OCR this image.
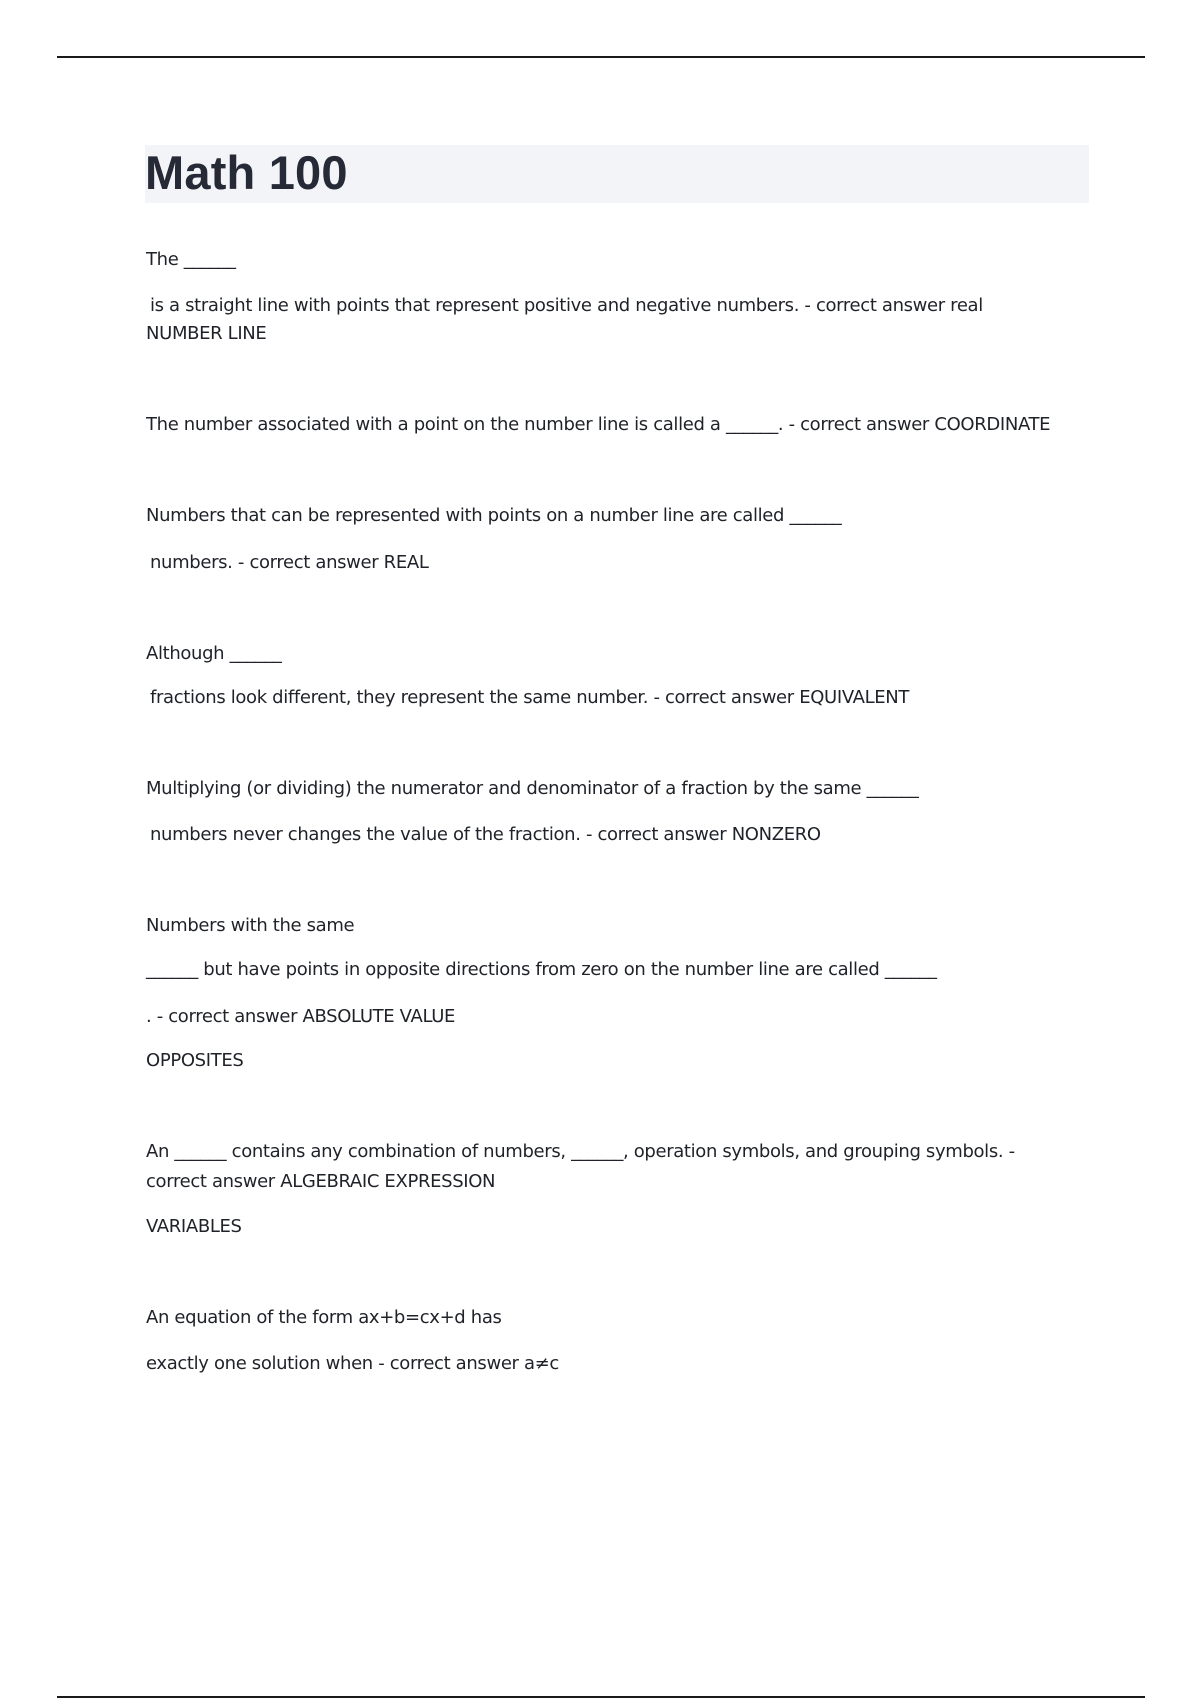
Math 100
The ______
is a straight line with points that represent positive and negative numbers. - correct answer real
NUMBER LINE
The number associated with a point on the number line is called a ______. - correct answer COORDINATE
Numbers that can be represented with points on a number line are called ______
numbers. - correct answer REAL
Although ______
fractions look different, they represent the same number. - correct answer EQUIVALENT
Multiplying (or dividing) the numerator and denominator of a fraction by the same ______
numbers never changes the value of the fraction. - correct answer NONZERO
Numbers with the same
______ but have points in opposite directions from zero on the number line are called ______
. - correct answer ABSOLUTE VALUE
OPPOSITES
An ______ contains any combination of numbers, ______, operation symbols, and grouping symbols. -
correct answer ALGEBRAIC EXPRESSION
VARIABLES
An equation of the form ax+b=cx+d has
exactly one solution when - correct answer a≠c
